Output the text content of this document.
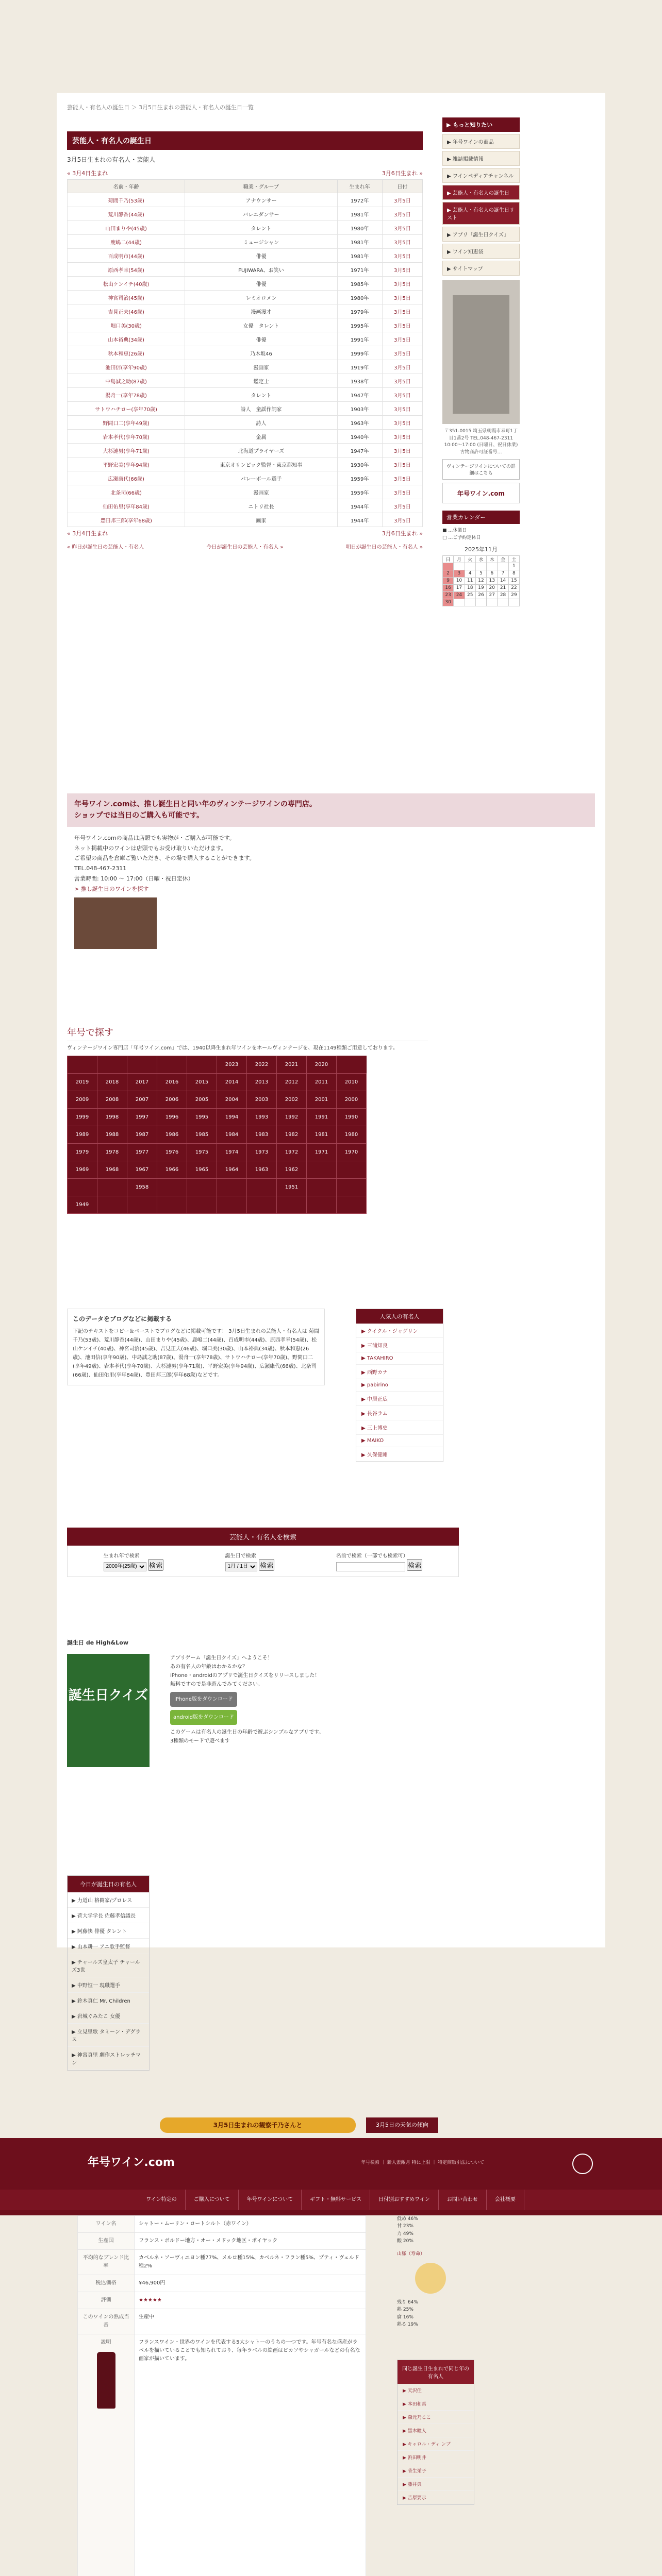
芸能人・有名人の誕生日 ＞ 3月5日生まれの芸能人・有名人の誕生日一覧
芸能人・有名人の誕生日
3月5日生まれの有名人・芸能人
« 3月4日生まれ	3月6日生まれ »
名前・年齢	職業・グループ	生まれ年	日付
菊間千乃(53歳)	アナウンサー	1972年	3月5日
荒川静香(44歳)	バレエダンサー	1981年	3月5日
山田まりや(45歳)	タレント	1980年	3月5日
鹿嶋二(44歳)	ミュージシャン	1981年	3月5日
百成明市(44歳)	俳優	1981年	3月5日
原西孝幸(54歳)	FUJIWARA、お笑い	1971年	3月5日
松山ケンイチ(40歳)	俳優	1985年	3月5日
神宮司治(45歳)	レミオロメン	1980年	3月5日
吉見正夫(46歳)	漫画漫才	1979年	3月5日
堀口美(30歳)	女優　タレント	1995年	3月5日
山本裕典(34歳)	俳優	1991年	3月5日
秋本和恵(26歳)	乃木坂46	1999年	3月5日
池田信(享年90歳)	漫画家	1919年	3月5日
中島誠之助(87歳)	鑑定士	1938年	3月5日
湯舟一(享年78歳)	タレント	1947年	3月5日
サトウハチロー(享年70歳)	詩人　童謡作詞家	1903年	3月5日
野間口二(享年49歳)	詩人	1963年	3月5日
岩本孝代(享年70歳)	金属	1940年	3月5日
大杉漣男(享年71歳)	北海道プライヤーズ	1947年	3月5日
平野宏美(享年94歳)	東京オリンピック監督・東京都知事	1930年	3月5日
広瀬康代(66歳)	バレーボール選手	1959年	3月5日
北条司(66歳)	漫画家	1959年	3月5日
仙田佑里(享年84歳)	ニトリ社長	1944年	3月5日
豊田邦三郎(享年68歳)	画家	1944年	3月5日
« 3月4日生まれ	3月6日生まれ »
« 昨日が誕生日の芸能人・有名人	今日が誕生日の芸能人・有名人 »	明日が誕生日の芸能人・有名人 »
▶ もっと知りたい
▶ 年号ワインの商品
▶ 雑誌掲載情報
▶ ワインペディアチャンネル
▶ 芸能人・有名人の誕生日
▶ 芸能人・有名人の誕生日リスト
▶ アプリ「誕生日クイズ」
▶ ワイン知恵袋
▶ サイトマップ
〒351-0015 埼玉県朝霞市幸町1丁目1番2号 TEL.048-467-2311 10:00〜17:00 (日曜日、祝日休業) 古物商許可証番号…
ヴィンテージワインについての詳細はこちら
年号ワイン.com
営業カレンダー
■ …休業日
□ …ご予約定休日
2025年11月
日	月	火	水	木	金	土
						1
2	3	4	5	6	7	8
9	10	11	12	13	14	15
16	17	18	19	20	21	22
23	24	25	26	27	28	29
30						
年号ワイン.comは、推し誕生日と同い年のヴィンテージワインの専門店。
ショップでは当日のご購入も可能です。
年号ワイン.comの商品は店頭でも実物が・ご購入が可能です。
ネット掲載中のワインは店頭でもお受け取りいただけます。
ご希望の商品を倉庫ご覧いただき、その場で購入することができます。
TEL.048-467-2311
営業時間: 10:00 〜 17:00（日曜・祝日定休）
> 推し誕生日のワインを探す
年号で探す
ヴィンテージワイン専門店「年号ワイン.com」では、1940以降生まれ年ワインをホールヴィンテージを、現在1149種類ご用意しております。
					2023	2022	2021	2020	
2019	2018	2017	2016	2015	2014	2013	2012	2011	2010
2009	2008	2007	2006	2005	2004	2003	2002	2001	2000
1999	1998	1997	1996	1995	1994	1993	1992	1991	1990
1989	1988	1987	1986	1985	1984	1983	1982	1981	1980
1979	1978	1977	1976	1975	1974	1973	1972	1971	1970
1969	1968	1967	1966	1965	1964	1963	1962		
		1958					1951		
1949									
このデータをブログなどに掲載する

下記のテキストをコピー＆ペーストでブログなどに掲載可能です！ 3月5日生まれの芸能人・有名人は 菊間千乃(53歳)、荒川静香(44歳)、山田まりや(45歳)、鹿嶋二(44歳)、百成明市(44歳)、原西孝幸(54歳)、松山ケンイチ(40歳)、神宮司治(45歳)、吉見正夫(46歳)、堀口美(30歳)、山本裕典(34歳)、秋本和恵(26歳)、池田信(享年90歳)、中島誠之助(87歳)、湯舟一(享年78歳)、サトウハチロー(享年70歳)、野間口二(享年49歳)、岩本孝代(享年70歳)、大杉漣男(享年71歳)、平野宏美(享年94歳)、広瀬康代(66歳)、北条司(66歳)、仙田佑里(享年84歳)、豊田邦三郎(享年68歳)などです。

人気人の有名人
▶ クイクル・ジャグリン
▶ 三浦知良
▶ TAKAHIRO
▶ 西野カナ
▶ pabirino
▶ 中居正広
▶ 長谷ラム
▶ 三上博史
▶ MAIKO
▶ 久保健剛
芸能人・有名人を検索
生まれ年で検索
2000年(25歳) 検索
誕生日で検索
1月 / 1日 検索
名前で検索（一部でも検索可）
検索
誕生日 de High&Low
誕生日クイズ
アプリゲーム「誕生日クイズ」へようこそ！
あの有名人の年齢はわかるかな？
iPhone・androidのアプリで誕生日クイズをリリースしました！
無料ですので是非遊んでみてください。
iPhone版をダウンロード
android版をダウンロード
このゲームは有名人の誕生日の年齢で遊ぶシンプルなアプリです。
3種類のモードで遊べます
今日が誕生日の有名人
▶ 力道山 格闘家/プロレス
▶ 菅大学学長 佐藤孝信議長
▶ 阿藤快 俳優 タレント
▶ 山本耕一 アニ歌手監督
▶ チャールズ皇太子 チャールズ3世
▶ 中野恒一 現職選手
▶ 鈴木真仁 Mr. Children
▶ 岩城ぐみたこ 女優
▶ 立見里歌 タミーン・デグラス
▶ 神宮真里 劇作ストレッチマン
3月5日生まれの観察千乃さんと	3月5日の天気の傾向
年号ワイン.com	年号検索 ｜ 新人素敵月 特に上限 ｜ 特定商取引法について
ワイン特定の	ご購入について	年号ワインについて	ギフト・無料サービス	日付別おすすめワイン	お問い合わせ	会社概要
ワイン名	シャトー・ムーリン・ロートシルト（赤ワイン）
生産国	フランス・ボルドー地方・オー・メドック地区・ポイヤック
平均的なブレンド比率	カベルネ・ソーヴィニヨン種77%、メルロ種15%、カベルネ・フラン種5%、プティ・ヴェルド種2%
税込価格	¥46,900円
評価	★★★★★
このワインの熟成当番	生産中

説明	フランスワイン・世界のワインを代表する5大シャトーのうちの一つです。年号有名な盛産がラベルを描いていることでも知られており、毎年ラベルの絵画はピカソやシャガールなどの有名な画家が描いています。

低め 46%
甘 23%
力 49%
酸 20%
山脈（寿命）
残り 64%
熟 25%
腐 16%
熟る 19%
同じ誕生日生まれで同じ年の有名人
▶ 天沢佳
▶ 本田和真
▶ 森元乃ここ
▶ 黒木瞳人
▶ キャロル・ディ ンブ
▶ 浜田明井
▶ 菅生栄子
▶ 藤井典
▶ 吉原要示
